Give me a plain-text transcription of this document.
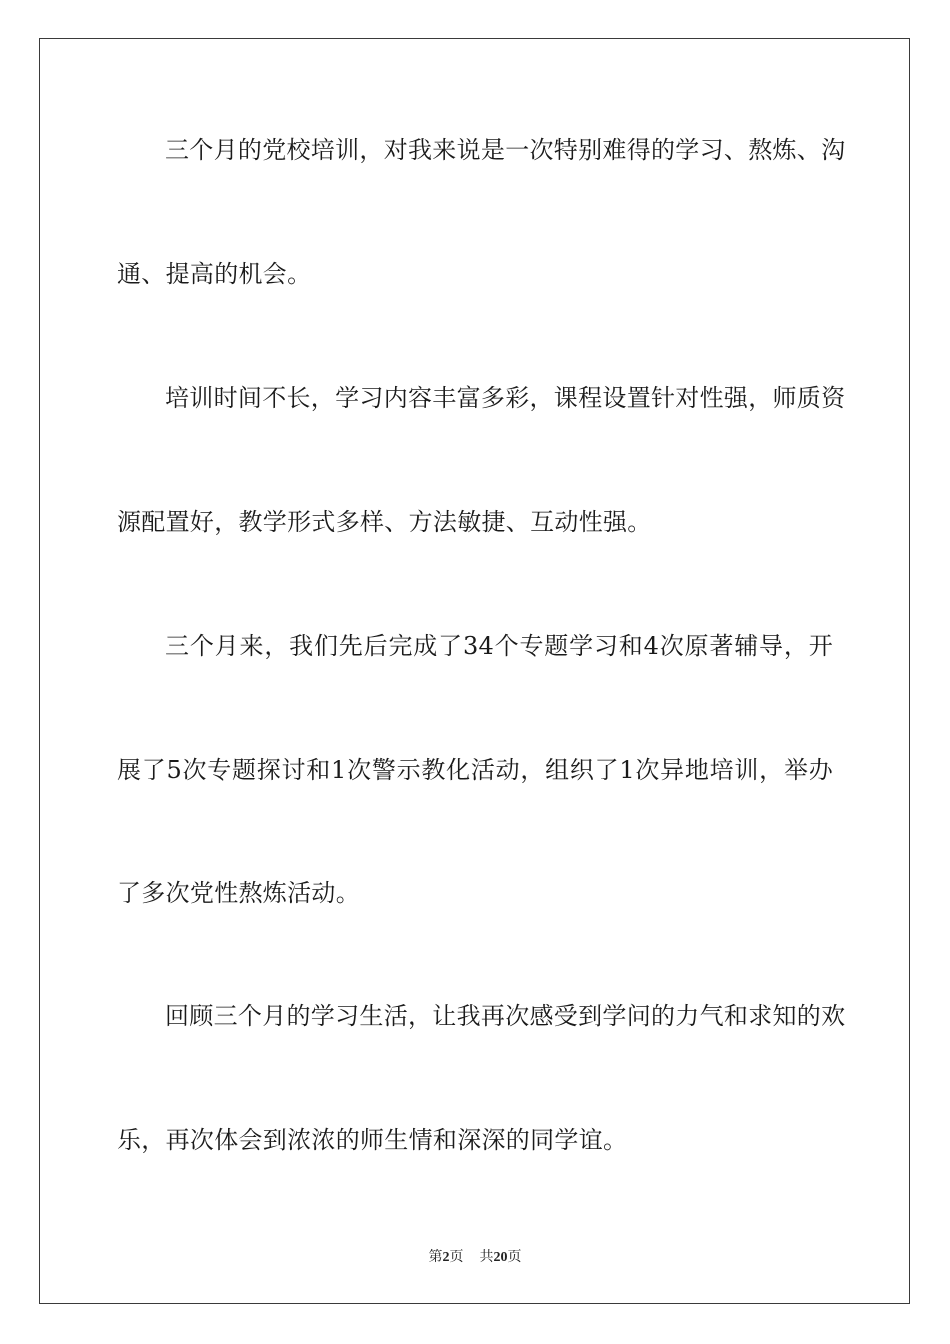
三个月的党校培训，对我来说是一次特别难得的学习、熬炼、沟
通、提高的机会。
培训时间不长，学习内容丰富多彩，课程设置针对性强，师质资
源配置好，教学形式多样、方法敏捷、互动性强。
三个月来，我们先后完成了34个专题学习和4次原著辅导，开
展了5次专题探讨和1次警示教化活动，组织了1次异地培训，举办
了多次党性熬炼活动。
回顾三个月的学习生活，让我再次感受到学问的力气和求知的欢
乐，再次体会到浓浓的师生情和深深的同学谊。
第2页 共20页
